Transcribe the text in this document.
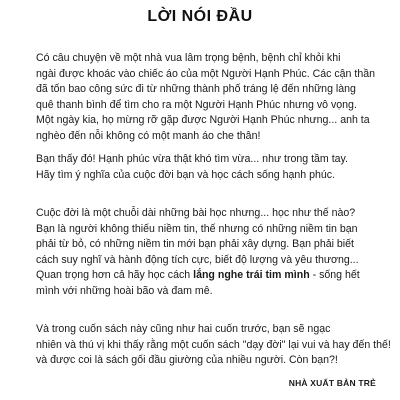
LỜI NÓI ĐẦU

Có câu chuyện về một nhà vua lâm trọng bệnh, bệnh chỉ khỏi khi
ngài được khoác vào chiếc áo của một Người Hạnh Phúc. Các cận thần
đã tốn bao công sức đi từ những thành phố tráng lệ đến những làng
quê thanh bình để tìm cho ra một Người Hạnh Phúc nhưng vô vọng.
Một ngày kia, họ mừng rỡ gặp được Người Hạnh Phúc nhưng... anh ta
nghèo đến nỗi không có một manh áo che thân!

Bạn thấy đó! Hạnh phúc vừa thật khó tìm vừa... như trong tầm tay.
Hãy tìm ý nghĩa của cuộc đời bạn và học cách sống hạnh phúc.

Cuộc đời là một chuỗi dài những bài học nhưng... học như thế nào?
Bạn là người không thiếu niềm tin, thế nhưng có những niềm tin bạn
phải từ bỏ, có những niềm tin mới bạn phải xây dựng. Bạn phải biết
cách suy nghĩ và hành động tích cực, biết độ lượng và yêu thương...
Quan trọng hơn cả hãy học cách lắng nghe trái tim mình - sống hết
mình với những hoài bão và đam mê.

Và trong cuốn sách này cũng như hai cuốn trước, bạn sẽ ngạc
nhiên và thú vị khi thấy rằng một cuốn sách "dạy đời" lại vui và hay đến thế!
và được coi là sách gối đầu giường của nhiều người. Còn bạn?!

NHÀ XUẤT BẢN TRẺ
